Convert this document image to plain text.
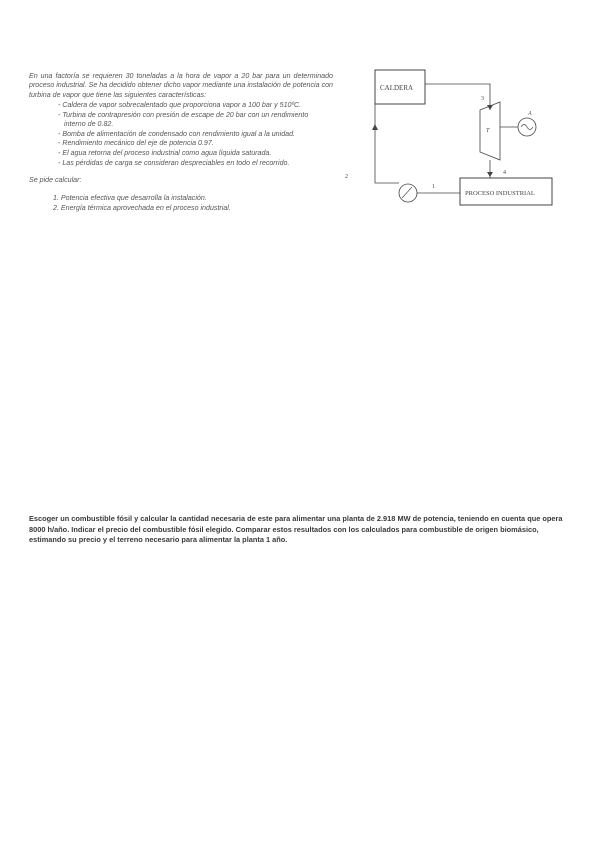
En una factoría se requieren 30 toneladas a la hora de vapor a 20 bar para un determinado proceso industrial. Se ha decidido obtener dicho vapor mediante una instalación de potencia con turbina de vapor que tiene las siguientes características:

- Caldera de vapor sobrecalentado que proporciona vapor a 100 bar y 510ºC.
- Turbina de contrapresión con presión de escape de 20 bar con un rendimiento
interno de 0.82.
- Bomba de alimentación de condensado con rendimiento igual a la unidad.
- Rendimiento mecánico del eje de potencia 0.97.
- El agua retorna del proceso industrial como agua líquida saturada.
- Las pérdidas de carga se consideran despreciables en todo el recorrido.
Se pide calcular:
1. Potencia efectiva que desarrolla la instalación.
2. Energía térmica aprovechada en el proceso industrial.
CALDERA
3
T
A
4
PROCESO INDUSTRIAL
1
2

Escoger un combustible fósil y calcular la cantidad necesaria de este para alimentar una planta de 2.918 MW de potencia, teniendo en cuenta que opera 8000 h/año. Indicar el precio del combustible fósil elegido. Comparar estos resultados con los calculados para combustible de origen biomásico, estimando su precio y el terreno necesario para alimentar la planta 1 año.
